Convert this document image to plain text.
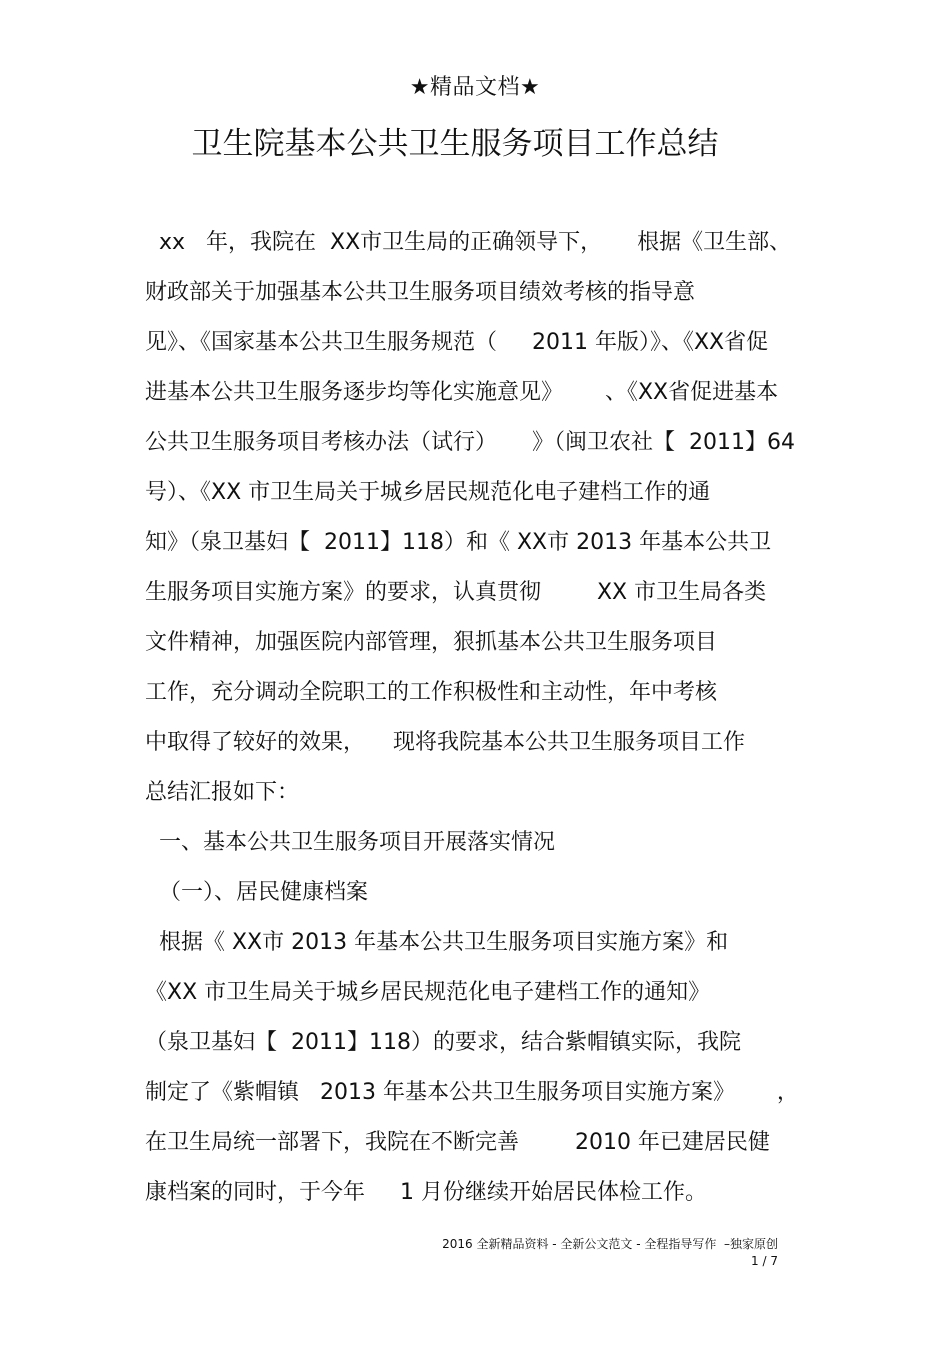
★精品文档★
卫生院基本公共卫生服务项目工作总结
xx   年，我院在  XX市卫生局的正确领导下，     根据《卫生部、
财政部关于加强基本公共卫生服务项目绩效考核的指导意
见》、《国家基本公共卫生服务规范（     2011 年版）》、《XX省促
进基本公共卫生服务逐步均等化实施意见》      、《XX省促进基本
公共卫生服务项目考核办法（试行）     》（闽卫农社【  2011】64
号）、《XX 市卫生局关于城乡居民规范化电子建档工作的通
知》（泉卫基妇【  2011】118）和《 XX市 2013 年基本公共卫
生服务项目实施方案》的要求，认真贯彻        XX 市卫生局各类
文件精神，加强医院内部管理，狠抓基本公共卫生服务项目
工作，充分调动全院职工的工作积极性和主动性，年中考核
中取得了较好的效果，    现将我院基本公共卫生服务项目工作
总结汇报如下：
一、基本公共卫生服务项目开展落实情况
（一）、居民健康档案
根据《 XX市 2013 年基本公共卫生服务项目实施方案》和
《XX 市卫生局关于城乡居民规范化电子建档工作的通知》
（泉卫基妇【  2011】118）的要求，结合紫帽镇实际，我院
制定了《紫帽镇   2013 年基本公共卫生服务项目实施方案》      ，
在卫生局统一部署下，我院在不断完善        2010 年已建居民健
康档案的同时，于今年     1 月份继续开始居民体检工作。
2016 全新精品资料 - 全新公文范文 - 全程指导写作  –独家原创
1 / 7
